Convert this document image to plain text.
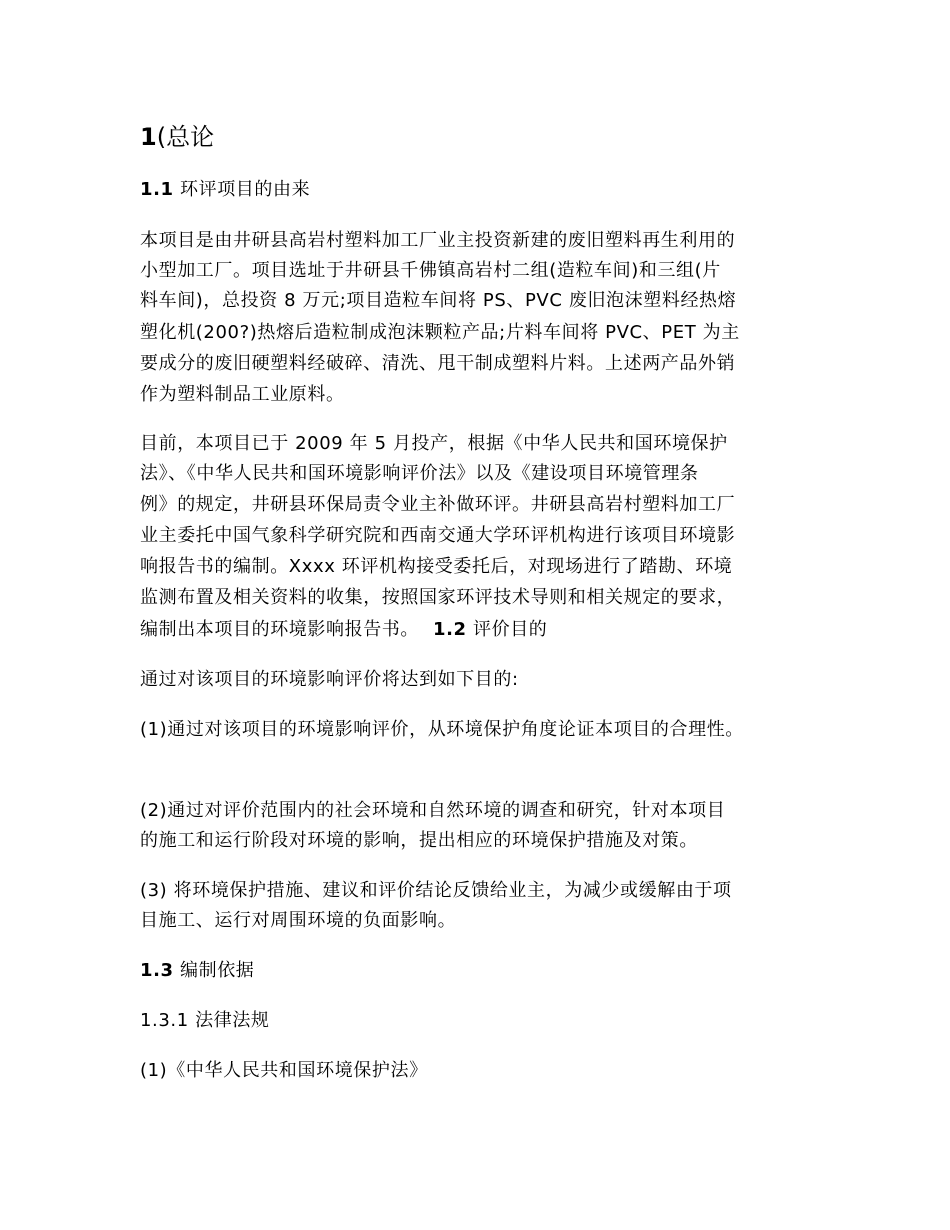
1(总论
1.1 环评项目的由来
本项目是由井研县高岩村塑料加工厂业主投资新建的废旧塑料再生利用的
小型加工厂。项目选址于井研县千佛镇高岩村二组(造粒车间)和三组(片
料车间)，总投资 8 万元;项目造粒车间将 PS、PVC 废旧泡沫塑料经热熔
塑化机(200?)热熔后造粒制成泡沫颗粒产品;片料车间将 PVC、PET 为主
要成分的废旧硬塑料经破碎、清洗、甩干制成塑料片料。上述两产品外销
作为塑料制品工业原料。
目前，本项目已于 2009 年 5 月投产，根据《中华人民共和国环境保护
法》、《中华人民共和国环境影响评价法》以及《建设项目环境管理条
例》的规定，井研县环保局责令业主补做环评。井研县高岩村塑料加工厂
业主委托中国气象科学研究院和西南交通大学环评机构进行该项目环境影
响报告书的编制。Xxxx 环评机构接受委托后，对现场进行了踏勘、环境
监测布置及相关资料的收集，按照国家环评技术导则和相关规定的要求，
编制出本项目的环境影响报告书。 1.2 评价目的
通过对该项目的环境影响评价将达到如下目的:
(1)通过对该项目的环境影响评价，从环境保护角度论证本项目的合理性。
(2)通过对评价范围内的社会环境和自然环境的调查和研究，针对本项目
的施工和运行阶段对环境的影响，提出相应的环境保护措施及对策。
(3) 将环境保护措施、建议和评价结论反馈给业主，为减少或缓解由于项
目施工、运行对周围环境的负面影响。
1.3 编制依据
1.3.1 法律法规
(1)《中华人民共和国环境保护法》
